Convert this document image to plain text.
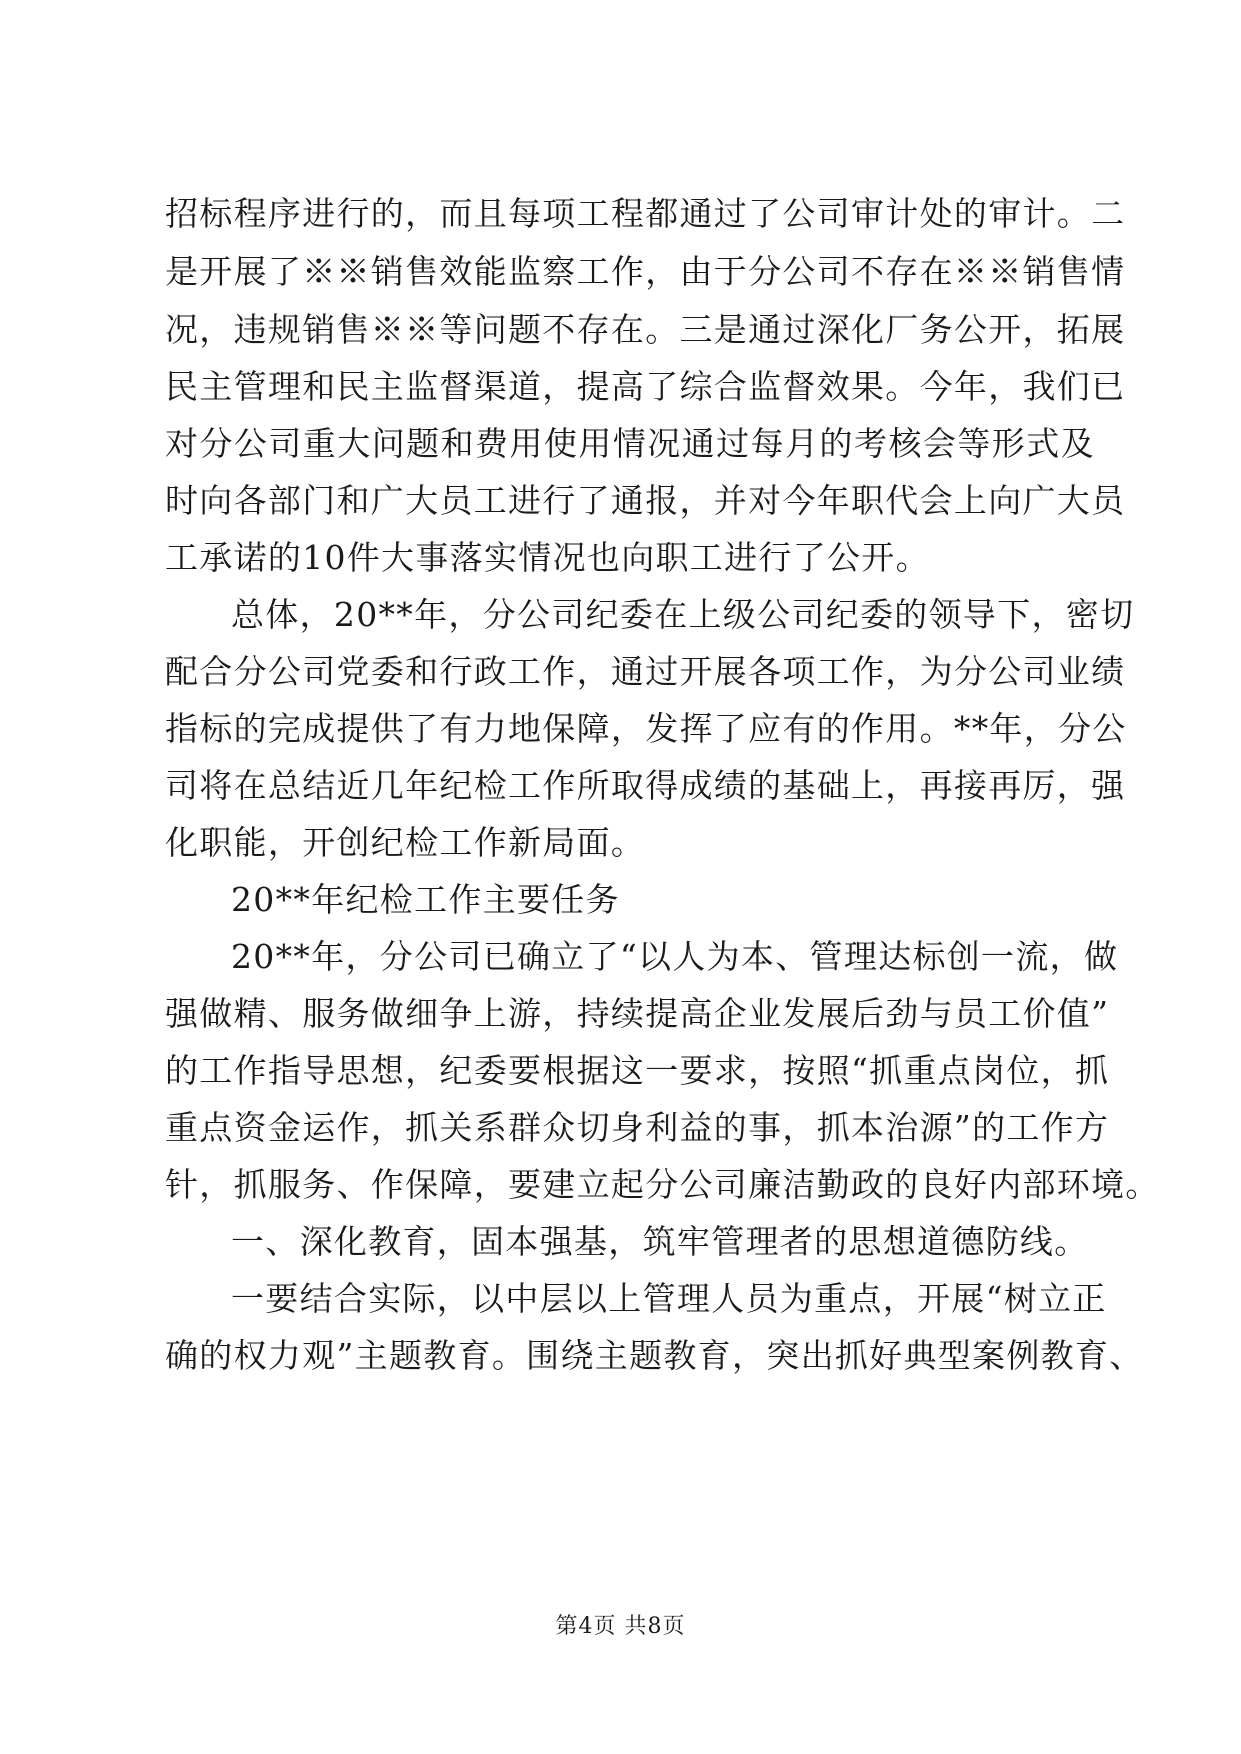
招标程序进行的，而且每项工程都通过了公司审计处的审计。二
是开展了※※销售效能监察工作，由于分公司不存在※※销售情
况，违规销售※※等问题不存在。三是通过深化厂务公开，拓展
民主管理和民主监督渠道，提高了综合监督效果。今年，我们已
对分公司重大问题和费用使用情况通过每月的考核会等形式及
时向各部门和广大员工进行了通报，并对今年职代会上向广大员
工承诺的10件大事落实情况也向职工进行了公开。
总体，20**年，分公司纪委在上级公司纪委的领导下，密切
配合分公司党委和行政工作，通过开展各项工作，为分公司业绩
指标的完成提供了有力地保障，发挥了应有的作用。**年，分公
司将在总结近几年纪检工作所取得成绩的基础上，再接再厉，强
化职能，开创纪检工作新局面。
20**年纪检工作主要任务
20**年，分公司已确立了“以人为本、管理达标创一流，做
强做精、服务做细争上游，持续提高企业发展后劲与员工价值”
的工作指导思想，纪委要根据这一要求，按照“抓重点岗位，抓
重点资金运作，抓关系群众切身利益的事，抓本治源”的工作方
针，抓服务、作保障，要建立起分公司廉洁勤政的良好内部环境。
一、深化教育，固本强基，筑牢管理者的思想道德防线。
一要结合实际，以中层以上管理人员为重点，开展“树立正
确的权力观”主题教育。围绕主题教育，突出抓好典型案例教育、
第4页 共8页
